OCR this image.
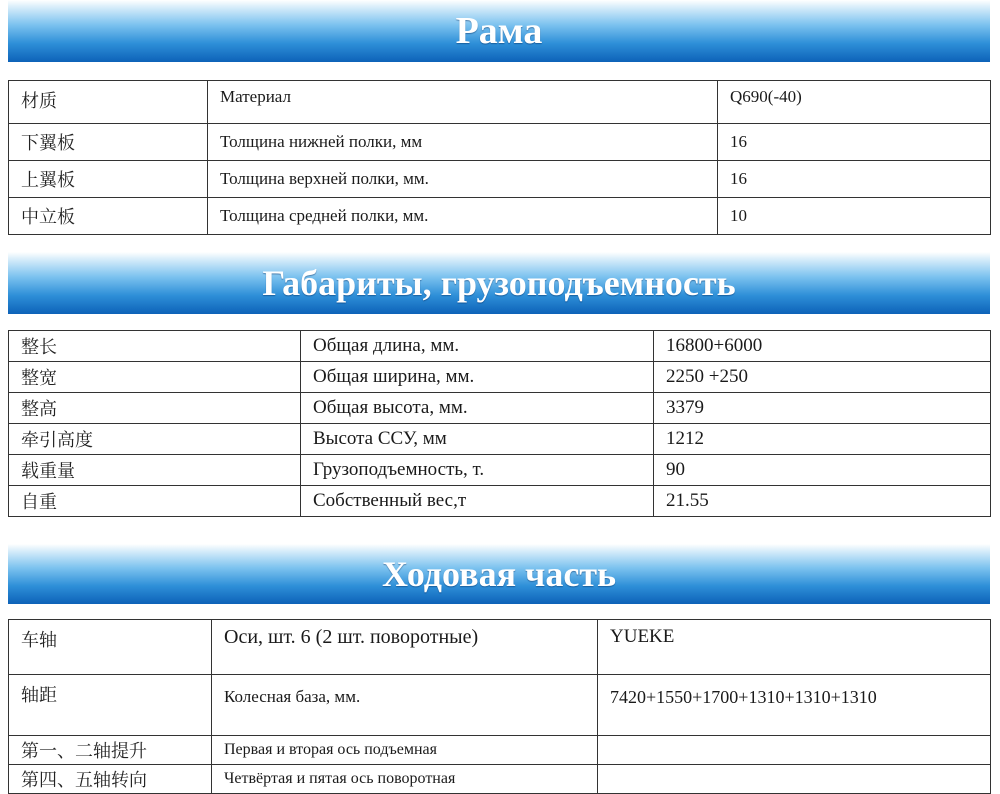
Рама
材质	Материал	Q690(-40)
下翼板	Толщина нижней полки, мм	16
上翼板	Толщина верхней полки, мм.	16
中立板	Толщина средней полки, мм.	10
Габариты, грузоподъемность
整长	Общая длина, мм.	16800+6000
整宽	Общая ширина, мм.	2250 +250
整高	Общая высота, мм.	3379
牵引高度	Высота ССУ, мм	1212
载重量	Грузоподъемность, т.	90
自重	Собственный вес,т	21.55
Ходовая часть
车轴	Оси, шт. 6 (2 шт. поворотные)	YUEKE
轴距	Колесная база, мм.	7420+1550+1700+1310+1310+1310
第一、二轴提升	Первая и вторая ось подъемная	
第四、五轴转向	Четвёртая и пятая ось поворотная	
